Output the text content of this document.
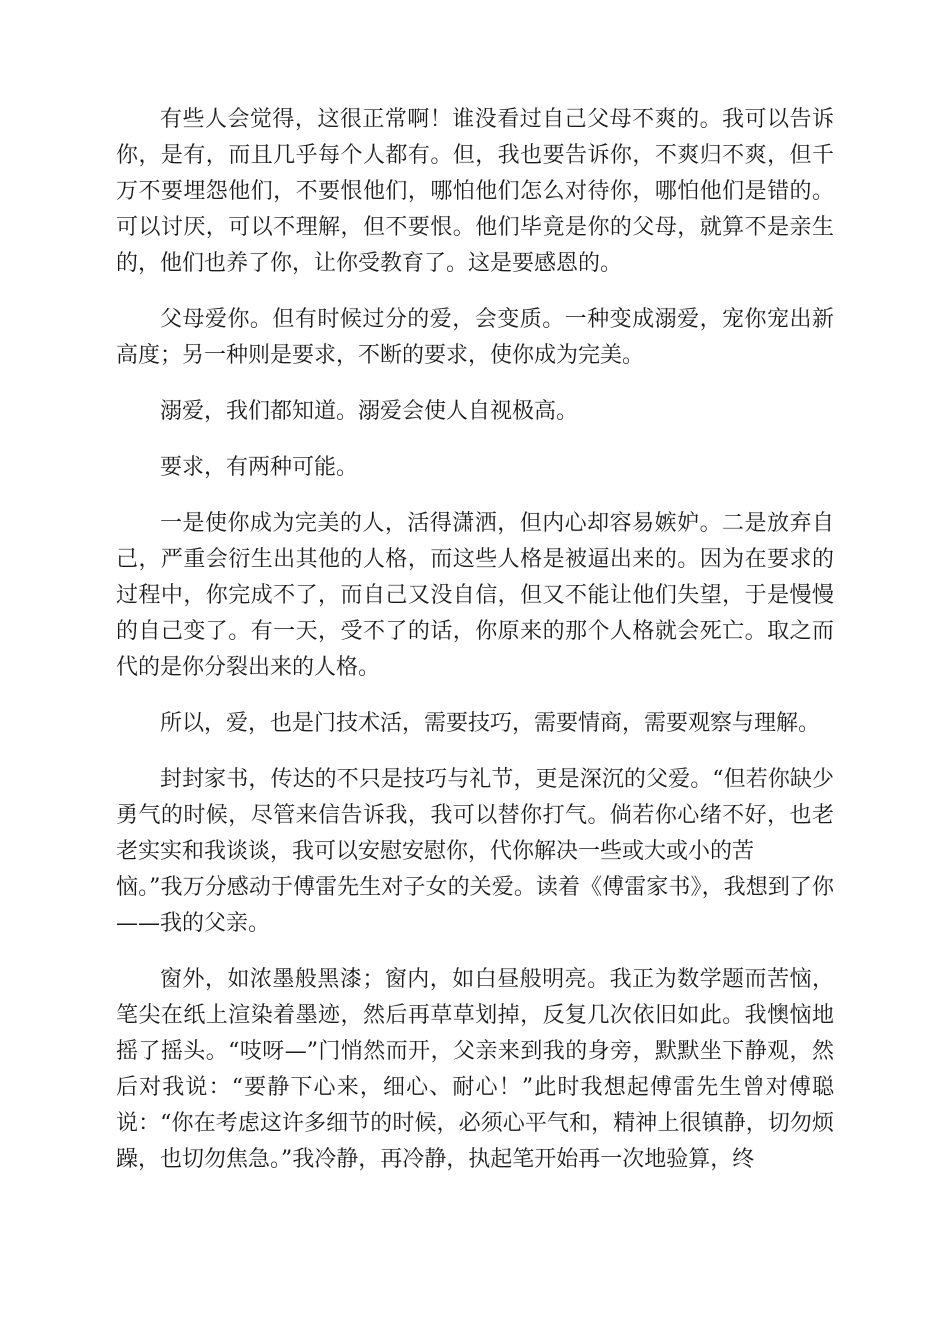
有些人会觉得，这很正常啊！谁没看过自己父母不爽的。我可以告诉你，是有，而且几乎每个人都有。但，我也要告诉你，不爽归不爽，但千万不要埋怨他们，不要恨他们，哪怕他们怎么对待你，哪怕他们是错的。可以讨厌，可以不理解，但不要恨。他们毕竟是你的父母，就算不是亲生的，他们也养了你，让你受教育了。这是要感恩的。

父母爱你。但有时候过分的爱，会变质。一种变成溺爱，宠你宠出新高度；另一种则是要求，不断的要求，使你成为完美。

溺爱，我们都知道。溺爱会使人自视极高。

要求，有两种可能。

一是使你成为完美的人，活得潇洒，但内心却容易嫉妒。二是放弃自己，严重会衍生出其他的人格，而这些人格是被逼出来的。因为在要求的过程中，你完成不了，而自己又没自信，但又不能让他们失望，于是慢慢的自己变了。有一天，受不了的话，你原来的那个人格就会死亡。取之而代的是你分裂出来的人格。

所以，爱，也是门技术活，需要技巧，需要情商，需要观察与理解。

封封家书，传达的不只是技巧与礼节，更是深沉的父爱。“但若你缺少勇气的时候，尽管来信告诉我，我可以替你打气。倘若你心绪不好，也老老实实和我谈谈，我可以安慰安慰你，代你解决一些或大或小的苦
恼。”我万分感动于傅雷先生对子女的关爱。读着《傅雷家书》，我想到了你——我的父亲。

窗外，如浓墨般黑漆；窗内，如白昼般明亮。我正为数学题而苦恼，笔尖在纸上渲染着墨迹，然后再草草划掉，反复几次依旧如此。我懊恼地摇了摇头。“吱呀—”门悄然而开，父亲来到我的身旁，默默坐下静观，然后对我说：“要静下心来，细心、耐心！”此时我想起傅雷先生曾对傅聪说：“你在考虑这许多细节的时候，必须心平气和，精神上很镇静，切勿烦躁，也切勿焦急。”我冷静，再冷静，执起笔开始再一次地验算，终
